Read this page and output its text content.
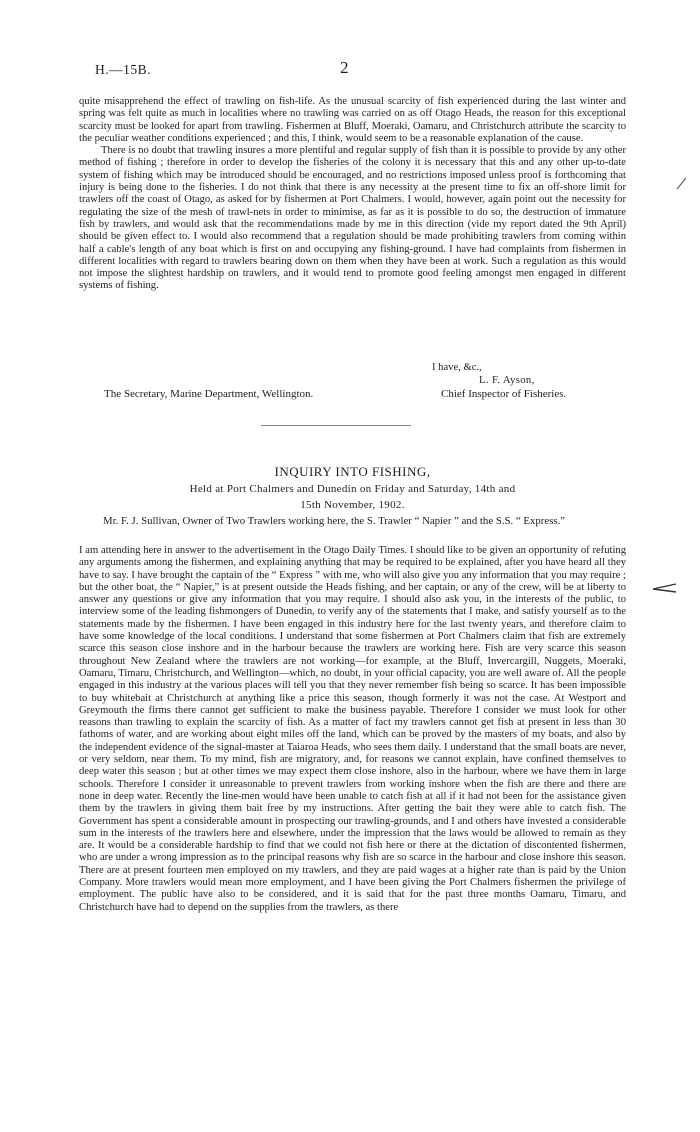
H.—15B.	2

quite misapprehend the effect of trawling on fish-life. As the unusual scarcity of fish experienced during the last winter and spring was felt quite as much in localities where no trawling was carried on as off Otago Heads, the reason for this exceptional scarcity must be looked for apart from trawling. Fishermen at Bluff, Moeraki, Oamaru, and Christchurch attribute the scarcity to the peculiar weather conditions experienced ; and this, I think, would seem to be a reasonable explanation of the cause.

There is no doubt that trawling insures a more plentiful and regular supply of fish than it is possible to provide by any other method of fishing ; therefore in order to develop the fisheries of the colony it is necessary that this and any other up-to-date system of fishing which may be introduced should be encouraged, and no restrictions imposed unless proof is forthcoming that injury is being done to the fisheries. I do not think that there is any necessity at the present time to fix an off-shore limit for trawlers off the coast of Otago, as asked for by fishermen at Port Chalmers. I would, however, again point out the necessity for regulating the size of the mesh of trawl-nets in order to minimise, as far as it is possible to do so, the destruction of immature fish by trawlers, and would ask that the recommendations made by me in this direction (vide my report dated the 9th April) should be given effect to. I would also recommend that a regulation should be made prohibiting trawlers from coming within half a cable's length of any boat which is first on and occupying any fishing-ground. I have had complaints from fishermen in different localities with regard to trawlers bearing down on them when they have been at work. Such a regulation as this would not impose the slightest hardship on trawlers, and it would tend to promote good feeling amongst men engaged in different systems of fishing.

I have, &c.,
L. F. Ayson,
The Secretary, Marine Department, Wellington.	Chief Inspector of Fisheries.
INQUIRY INTO FISHING,
Held at Port Chalmers and Dunedin on Friday and Saturday, 14th and
15th November, 1902.
Mr. F. J. Sullivan, Owner of Two Trawlers working here, the S. Trawler “ Napier ” and the S.S. “ Express.”

I am attending here in answer to the advertisement in the Otago Daily Times. I should like to be given an opportunity of refuting any arguments among the fishermen, and explaining anything that may be required to be explained, after you have heard all they have to say. I have brought the captain of the “ Express ” with me, who will also give you any information that you may require ; but the other boat, the “ Napier,” is at present outside the Heads fishing, and her captain, or any of the crew, will be at liberty to answer any questions or give any information that you may require. I should also ask you, in the interests of the public, to interview some of the leading fishmongers of Dunedin, to verify any of the statements that I make, and satisfy yourself as to the statements made by the fishermen. I have been engaged in this industry here for the last twenty years, and therefore claim to have some knowledge of the local conditions. I understand that some fishermen at Port Chalmers claim that fish are extremely scarce this season close inshore and in the harbour because the trawlers are working here. Fish are very scarce this season throughout New Zealand where the trawlers are not working—for example, at the Bluff, Invercargill, Nuggets, Moeraki, Oamaru, Timaru, Christchurch, and Wellington—which, no doubt, in your official capacity, you are well aware of. All the people engaged in this industry at the various places will tell you that they never remember fish being so scarce. It has been impossible to buy whitebait at Christchurch at anything like a price this season, though formerly it was not the case. At Westport and Greymouth the firms there cannot get sufficient to make the business payable. Therefore I consider we must look for other reasons than trawling to explain the scarcity of fish. As a matter of fact my trawlers cannot get fish at present in less than 30 fathoms of water, and are working about eight miles off the land, which can be proved by the masters of my boats, and also by the independent evidence of the signal-master at Taiaroa Heads, who sees them daily. I understand that the small boats are never, or very seldom, near them. To my mind, fish are migratory, and, for reasons we cannot explain, have confined themselves to deep water this season ; but at other times we may expect them close inshore, also in the harbour, where we have them in large schools. Therefore I consider it unreasonable to prevent trawlers from working inshore when the fish are there and there are none in deep water. Recently the line-men would have been unable to catch fish at all if it had not been for the assistance given them by the trawlers in giving them bait free by my instructions. After getting the bait they were able to catch fish. The Government has spent a considerable amount in prospecting our trawling-grounds, and I and others have invested a considerable sum in the interests of the trawlers here and elsewhere, under the impression that the laws would be allowed to remain as they are. It would be a considerable hardship to find that we could not fish here or there at the dictation of discontented fishermen, who are under a wrong impression as to the principal reasons why fish are so scarce in the harbour and close inshore this season. There are at present fourteen men employed on my trawlers, and they are paid wages at a higher rate than is paid by the Union Company. More trawlers would mean more employment, and I have been giving the Port Chalmers fishermen the privilege of employment. The public have also to be considered, and it is said that for the past three months Oamaru, Timaru, and Christchurch have had to depend on the supplies from the trawlers, as there
